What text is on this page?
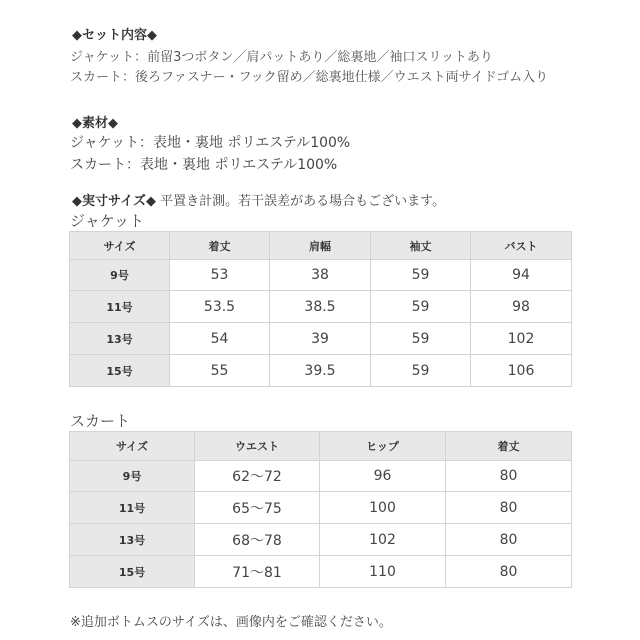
◆セット内容◆
ジャケット：前留3つボタン／肩パットあり／総裏地／袖口スリットあり
スカート：後ろファスナー・フック留め／総裏地仕様／ウエスト両サイドゴム入り
◆素材◆
ジャケット：表地・裏地 ポリエステル100%
スカート：表地・裏地 ポリエステル100%
◆実寸サイズ◆ 平置き計測。若干誤差がある場合もございます。
ジャケット
サイズ	着丈	肩幅	袖丈	バスト
9号	53	38	59	94
11号	53.5	38.5	59	98
13号	54	39	59	102
15号	55	39.5	59	106
スカート
サイズ	ウエスト	ヒップ	着丈
9号	62〜72	96	80
11号	65〜75	100	80
13号	68〜78	102	80
15号	71〜81	110	80
※追加ボトムスのサイズは、画像内をご確認ください。
